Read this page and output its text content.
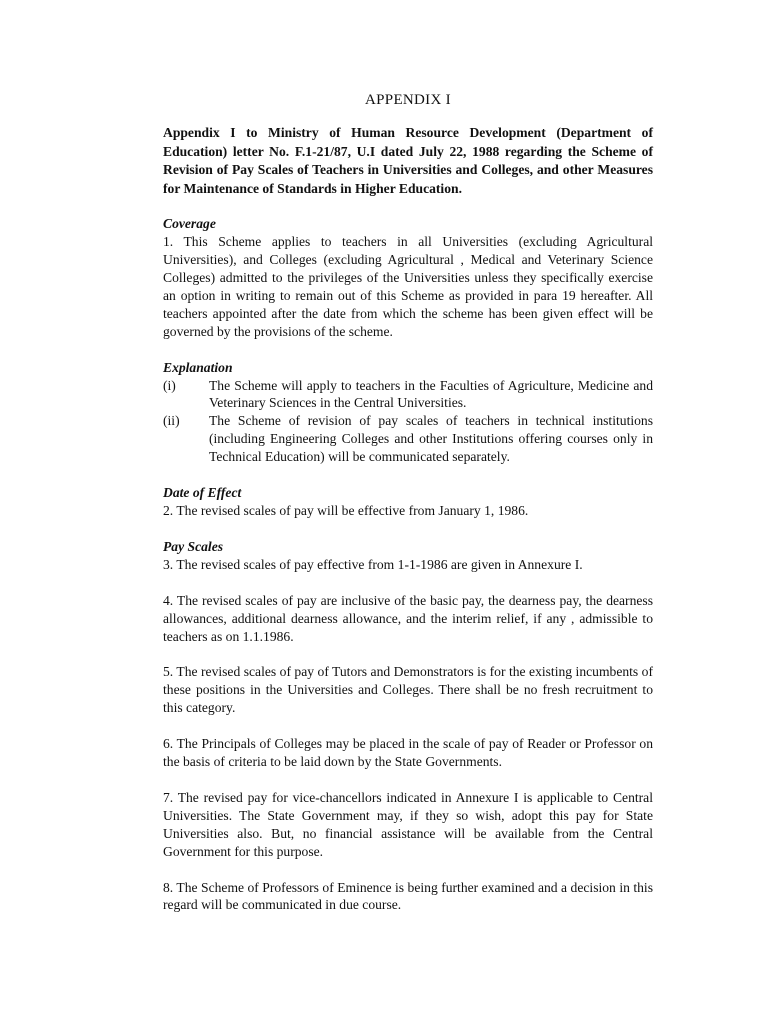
APPENDIX I
Appendix I to Ministry of Human Resource Development (Department of Education) letter No. F.1-21/87, U.I dated July 22, 1988 regarding the Scheme of Revision of Pay Scales of Teachers in Universities and Colleges, and other Measures for Maintenance of Standards in Higher Education.
Coverage
1. This Scheme applies to teachers in all Universities (excluding Agricultural Universities), and Colleges (excluding Agricultural , Medical and Veterinary Science Colleges) admitted to the privileges of the Universities unless they specifically exercise an option in writing to remain out of this Scheme as provided in para 19 hereafter. All teachers appointed after the date from which the scheme has been given effect will be governed by the provisions of the scheme.
Explanation
(i)	The Scheme will apply to teachers in the Faculties of Agriculture, Medicine and Veterinary Sciences in the Central Universities.
(ii)	The Scheme of revision of pay scales of teachers in technical institutions (including Engineering Colleges and other Institutions offering courses only in Technical Education) will be communicated separately.
Date of Effect
2. The revised scales of pay will be effective from January 1, 1986.
Pay Scales
3. The revised scales of pay effective from 1-1-1986 are given in Annexure I.
4. The revised scales of pay are inclusive of the basic pay, the dearness pay, the dearness allowances, additional dearness allowance, and the interim relief, if any , admissible to teachers as on 1.1.1986.
5. The revised scales of pay of Tutors and Demonstrators is for the existing incumbents of these positions in the Universities and Colleges. There shall be no fresh recruitment to this category.
6. The Principals of Colleges may be placed in the scale of pay of Reader or Professor on the basis of criteria to be laid down by the State Governments.
7. The revised pay for vice-chancellors indicated in Annexure I is applicable to Central Universities. The State Government may, if they so wish, adopt this pay for State Universities also. But, no financial assistance will be available from the Central Government for this purpose.
8. The Scheme of Professors of Eminence is being further examined and a decision in this regard will be communicated in due course.
